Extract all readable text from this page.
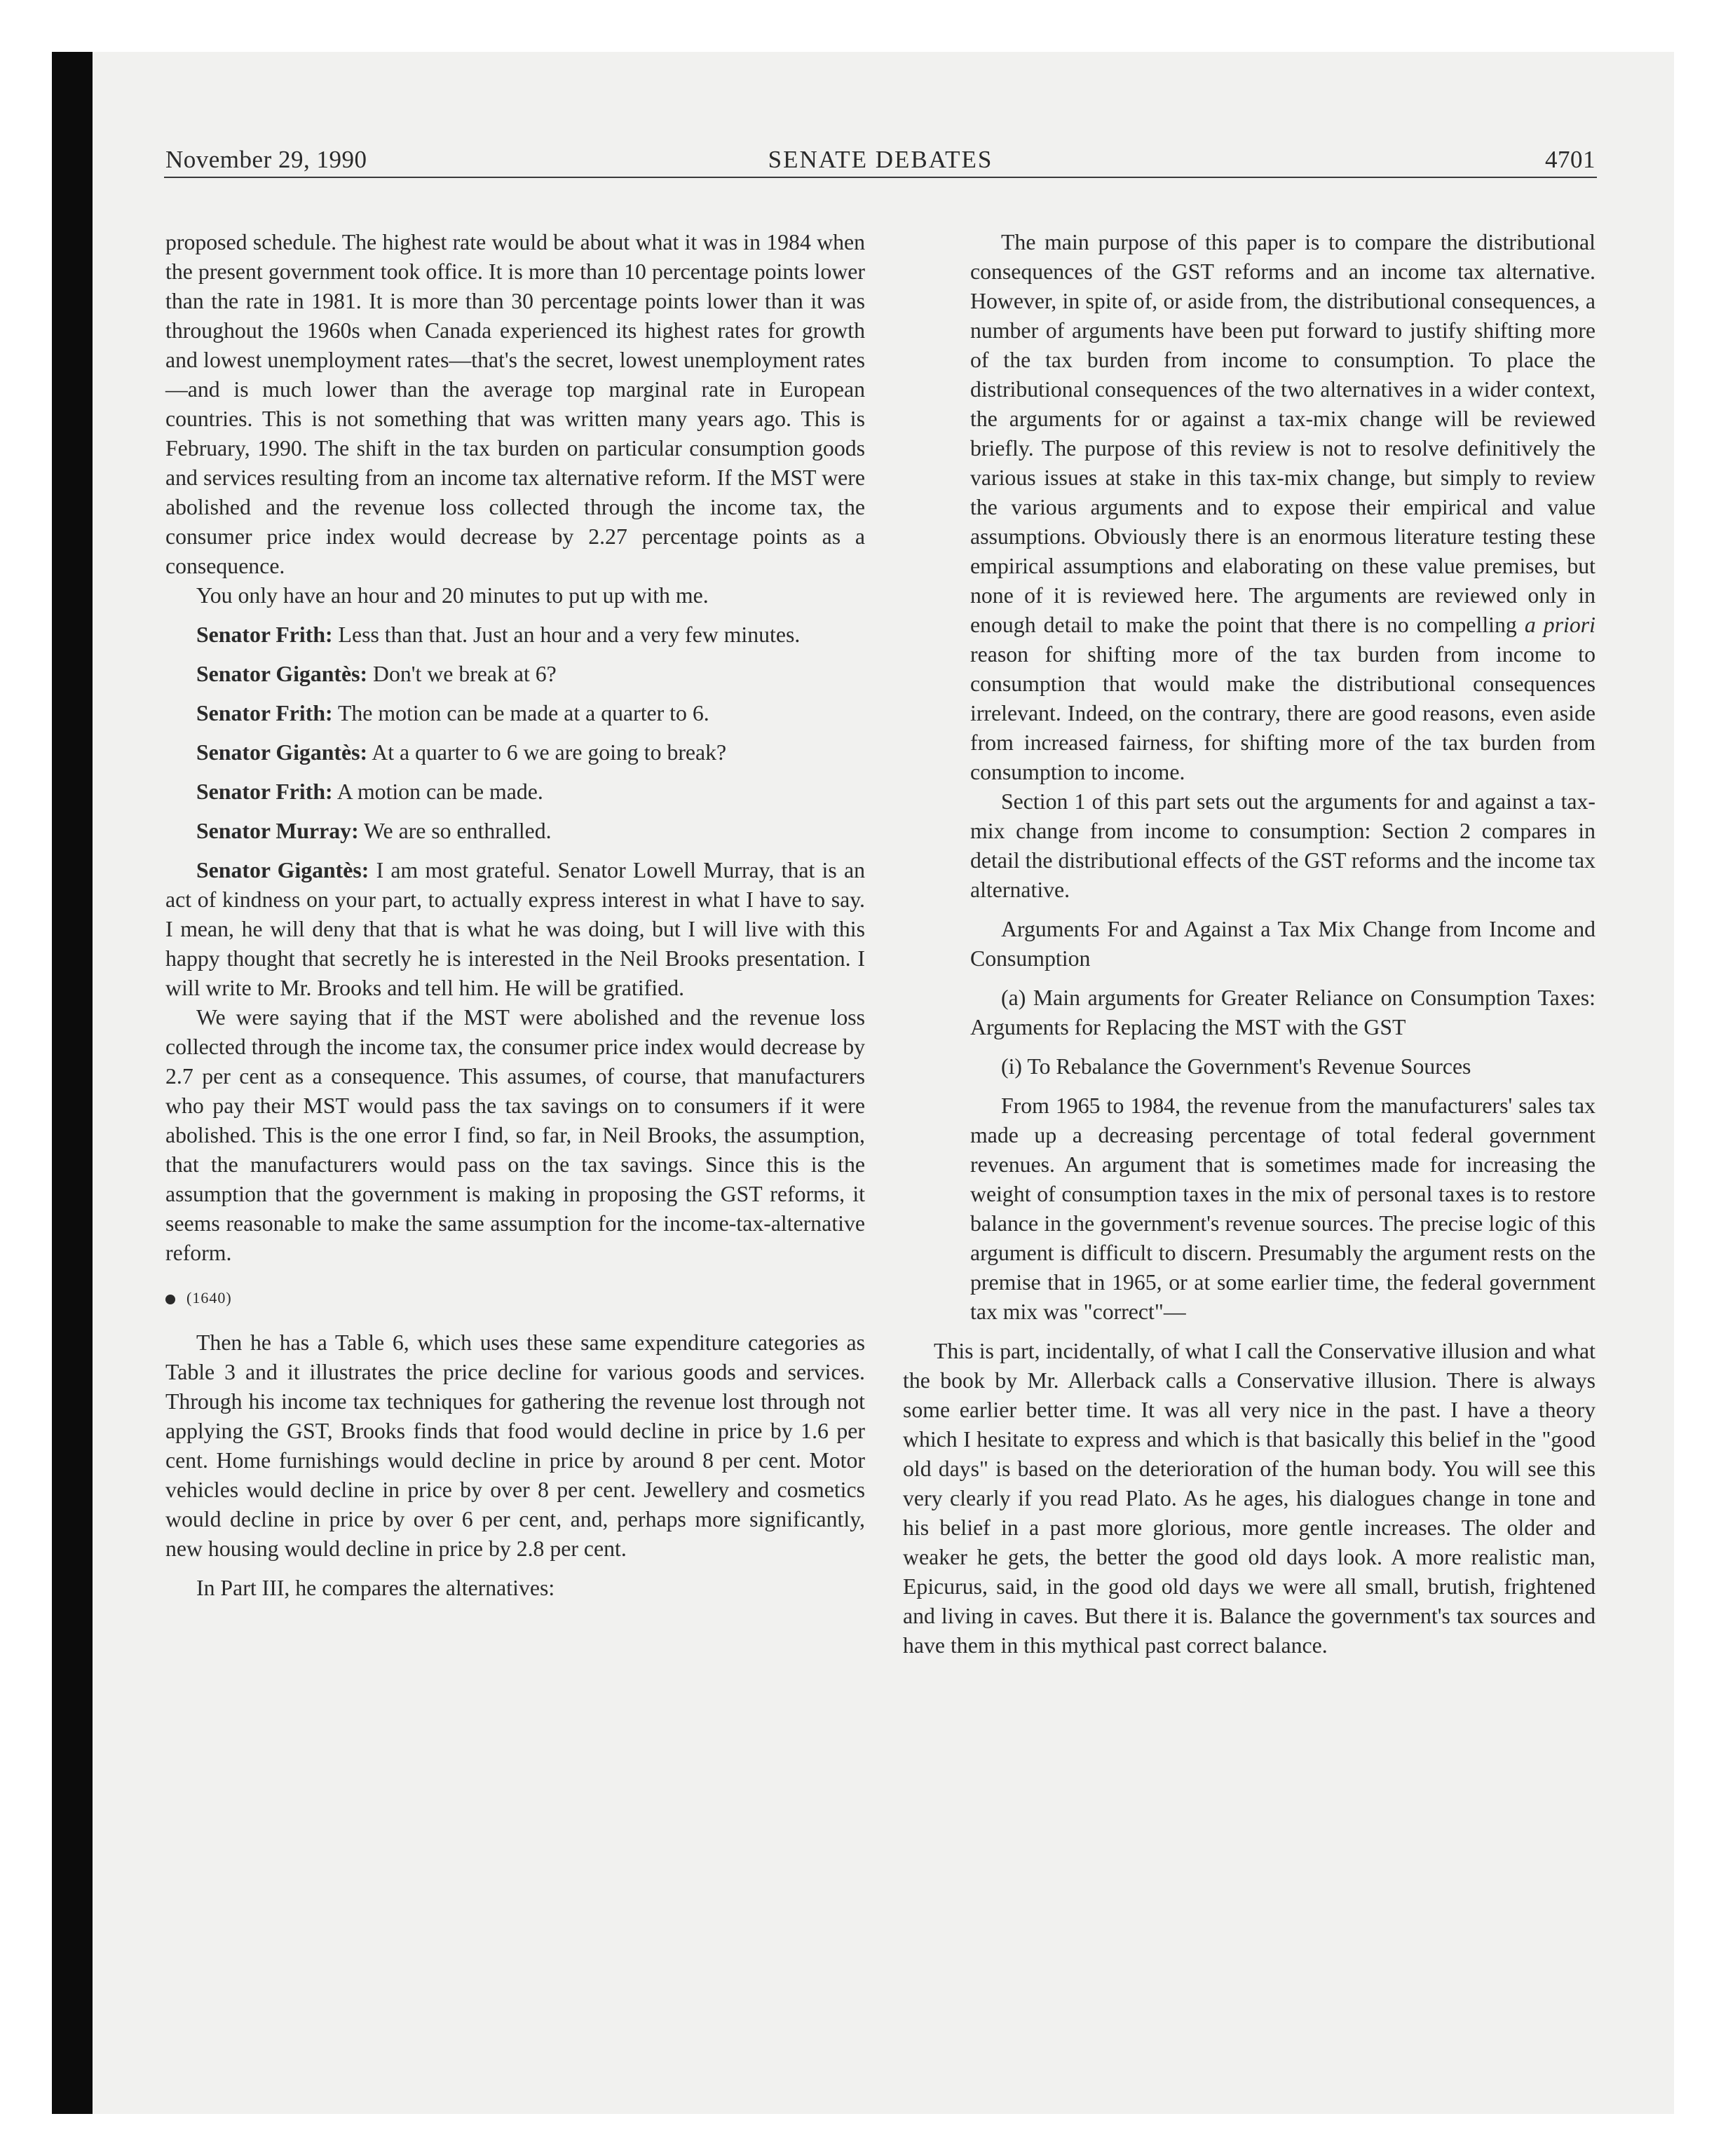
November 29, 1990	SENATE DEBATES	4701

proposed schedule. The highest rate would be about what it was in 1984 when the present government took office. It is more than 10 percentage points lower than the rate in 1981. It is more than 30 percentage points lower than it was throughout the 1960s when Canada experienced its highest rates for growth and lowest unemployment rates—that's the secret, lowest unemployment rates—and is much lower than the average top marginal rate in European countries. This is not something that was written many years ago. This is February, 1990. The shift in the tax burden on particular consumption goods and services resulting from an income tax alternative reform. If the MST were abolished and the revenue loss collected through the income tax, the consumer price index would decrease by 2.27 percentage points as a consequence.

You only have an hour and 20 minutes to put up with me.

Senator Frith: Less than that. Just an hour and a very few minutes.

Senator Gigantès: Don't we break at 6?

Senator Frith: The motion can be made at a quarter to 6.

Senator Gigantès: At a quarter to 6 we are going to break?

Senator Frith: A motion can be made.

Senator Murray: We are so enthralled.

Senator Gigantès: I am most grateful. Senator Lowell Murray, that is an act of kindness on your part, to actually express interest in what I have to say. I mean, he will deny that that is what he was doing, but I will live with this happy thought that secretly he is interested in the Neil Brooks presentation. I will write to Mr. Brooks and tell him. He will be gratified.

We were saying that if the MST were abolished and the revenue loss collected through the income tax, the consumer price index would decrease by 2.7 per cent as a consequence. This assumes, of course, that manufacturers who pay their MST would pass the tax savings on to consumers if it were abolished. This is the one error I find, so far, in Neil Brooks, the assumption, that the manufacturers would pass on the tax savings. Since this is the assumption that the government is making in proposing the GST reforms, it seems reasonable to make the same assumption for the income-tax-alternative reform.

(1640)

Then he has a Table 6, which uses these same expenditure categories as Table 3 and it illustrates the price decline for various goods and services. Through his income tax techniques for gathering the revenue lost through not applying the GST, Brooks finds that food would decline in price by 1.6 per cent. Home furnishings would decline in price by around 8 per cent. Motor vehicles would decline in price by over 8 per cent. Jewellery and cosmetics would decline in price by over 6 per cent, and, perhaps more significantly, new housing would decline in price by 2.8 per cent.

In Part III, he compares the alternatives:

The main purpose of this paper is to compare the distributional consequences of the GST reforms and an income tax alternative. However, in spite of, or aside from, the distributional consequences, a number of arguments have been put forward to justify shifting more of the tax burden from income to consumption. To place the distributional consequences of the two alternatives in a wider context, the arguments for or against a tax-mix change will be reviewed briefly. The purpose of this review is not to resolve definitively the various issues at stake in this tax-mix change, but simply to review the various arguments and to expose their empirical and value assumptions. Obviously there is an enormous literature testing these empirical assumptions and elaborating on these value premises, but none of it is reviewed here. The arguments are reviewed only in enough detail to make the point that there is no compelling a priori reason for shifting more of the tax burden from income to consumption that would make the distributional consequences irrelevant. Indeed, on the contrary, there are good reasons, even aside from increased fairness, for shifting more of the tax burden from consumption to income.

Section 1 of this part sets out the arguments for and against a tax-mix change from income to consumption: Section 2 compares in detail the distributional effects of the GST reforms and the income tax alternative.

Arguments For and Against a Tax Mix Change from Income and Consumption

(a) Main arguments for Greater Reliance on Consumption Taxes: Arguments for Replacing the MST with the GST

(i) To Rebalance the Government's Revenue Sources

From 1965 to 1984, the revenue from the manufacturers' sales tax made up a decreasing percentage of total federal government revenues. An argument that is sometimes made for increasing the weight of consumption taxes in the mix of personal taxes is to restore balance in the government's revenue sources. The precise logic of this argument is difficult to discern. Presumably the argument rests on the premise that in 1965, or at some earlier time, the federal government tax mix was "correct"—

This is part, incidentally, of what I call the Conservative illusion and what the book by Mr. Allerback calls a Conservative illusion. There is always some earlier better time. It was all very nice in the past. I have a theory which I hesitate to express and which is that basically this belief in the "good old days" is based on the deterioration of the human body. You will see this very clearly if you read Plato. As he ages, his dialogues change in tone and his belief in a past more glorious, more gentle increases. The older and weaker he gets, the better the good old days look. A more realistic man, Epicurus, said, in the good old days we were all small, brutish, frightened and living in caves. But there it is. Balance the government's tax sources and have them in this mythical past correct balance.
